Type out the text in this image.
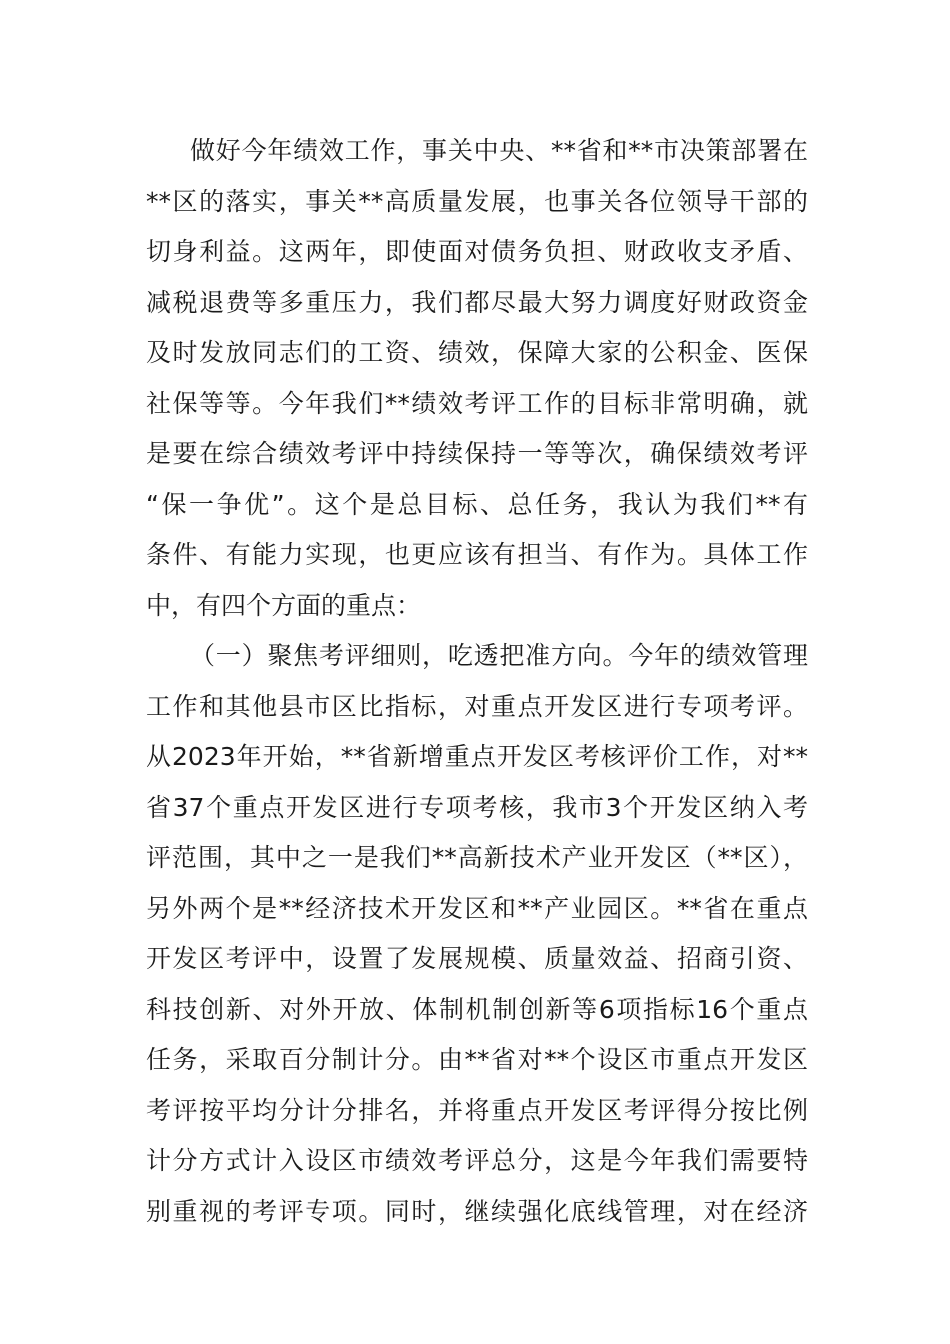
做好今年绩效工作，事关中央、**省和**市决策部署在

**区的落实，事关**高质量发展，也事关各位领导干部的

切身利益。这两年，即使面对债务负担、财政收支矛盾、

减税退费等多重压力，我们都尽最大努力调度好财政资金

及时发放同志们的工资、绩效，保障大家的公积金、医保

社保等等。今年我们**绩效考评工作的目标非常明确，就

是要在综合绩效考评中持续保持一等等次，确保绩效考评

“保一争优”。这个是总目标、总任务，我认为我们**有

条件、有能力实现，也更应该有担当、有作为。具体工作

中，有四个方面的重点：

（一）聚焦考评细则，吃透把准方向。今年的绩效管理

工作和其他县市区比指标，对重点开发区进行专项考评。

从2023年开始，**省新增重点开发区考核评价工作，对**

省37个重点开发区进行专项考核，我市3个开发区纳入考

评范围，其中之一是我们**高新技术产业开发区（**区），

另外两个是**经济技术开发区和**产业园区。**省在重点

开发区考评中，设置了发展规模、质量效益、招商引资、

科技创新、对外开放、体制机制创新等6项指标16个重点

任务，采取百分制计分。由**省对**个设区市重点开发区

考评按平均分计分排名，并将重点开发区考评得分按比例

计分方式计入设区市绩效考评总分，这是今年我们需要特

别重视的考评专项。同时，继续强化底线管理，对在经济
